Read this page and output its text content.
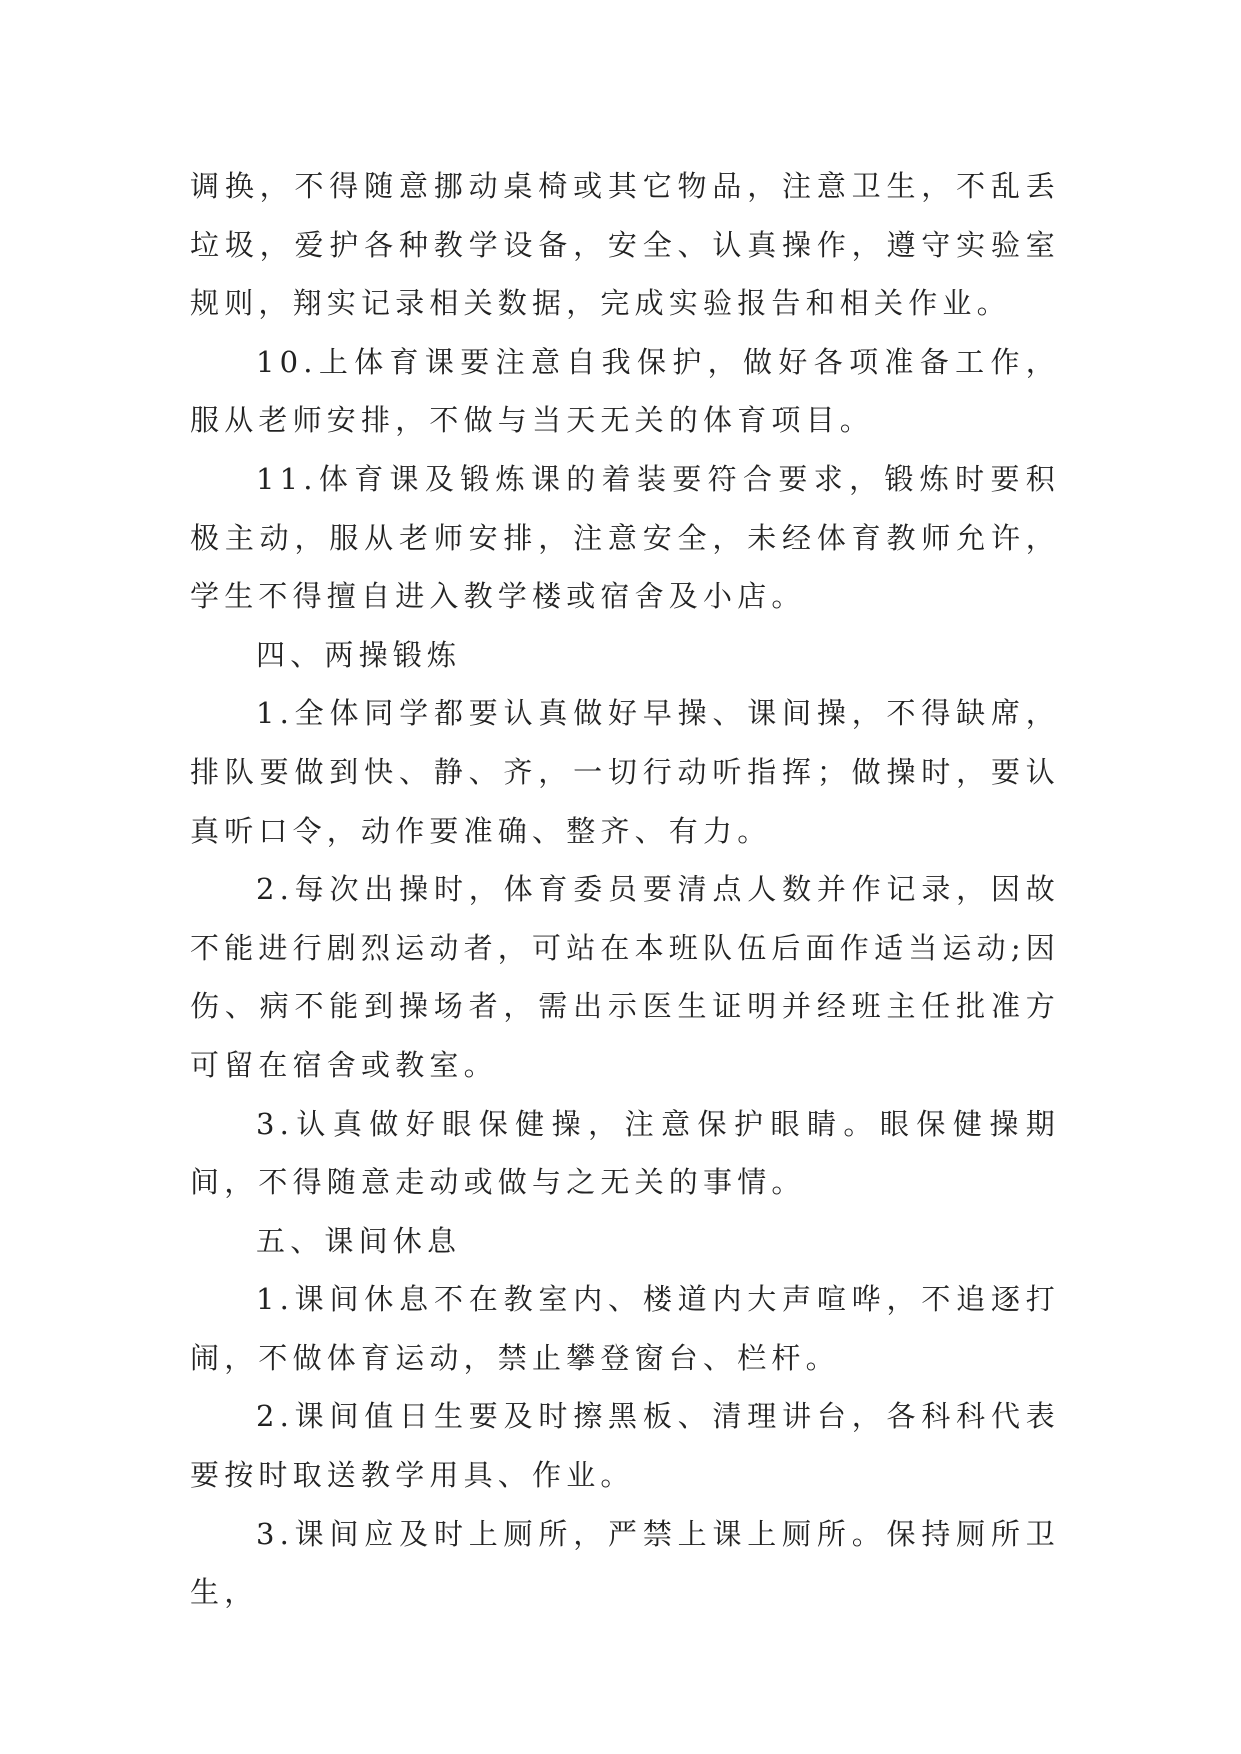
调换，不得随意挪动桌椅或其它物品，注意卫生，不乱丢垃圾，爱护各种教学设备，安全、认真操作，遵守实验室规则，翔实记录相关数据，完成实验报告和相关作业。

10.上体育课要注意自我保护，做好各项准备工作，服从老师安排，不做与当天无关的体育项目。

11.体育课及锻炼课的着装要符合要求，锻炼时要积极主动，服从老师安排，注意安全，未经体育教师允许，学生不得擅自进入教学楼或宿舍及小店。

四、两操锻炼

1.全体同学都要认真做好早操、课间操，不得缺席，排队要做到快、静、齐，一切行动听指挥；做操时，要认真听口令，动作要准确、整齐、有力。

2.每次出操时，体育委员要清点人数并作记录，因故不能进行剧烈运动者，可站在本班队伍后面作适当运动;因伤、病不能到操场者，需出示医生证明并经班主任批准方可留在宿舍或教室。

3.认真做好眼保健操，注意保护眼睛。眼保健操期间，不得随意走动或做与之无关的事情。

五、课间休息

1.课间休息不在教室内、楼道内大声喧哗，不追逐打闹，不做体育运动，禁止攀登窗台、栏杆。

2.课间值日生要及时擦黑板、清理讲台，各科科代表要按时取送教学用具、作业。

3.课间应及时上厕所，严禁上课上厕所。保持厕所卫生，
